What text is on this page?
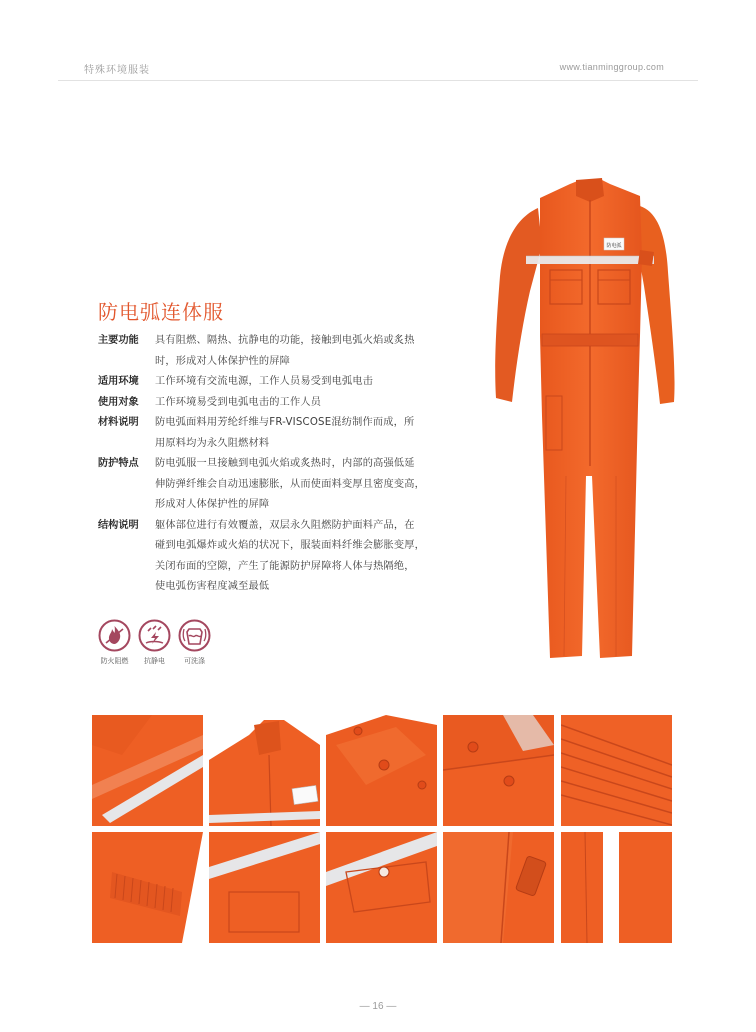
特殊环境服装	www.tianminggroup.com
防电弧
防电弧连体服
主要功能	具有阻燃、隔热、抗静电的功能，接触到电弧火焰或炙热
时，形成对人体保护性的屏障
适用环境	工作环境有交流电源，工作人员易受到电弧电击
使用对象	工作环境易受到电弧电击的工作人员
材料说明	防电弧面料用芳纶纤维与FR-VISCOSE混纺制作而成，所
用原料均为永久阻燃材料
防护特点	防电弧服一旦接触到电弧火焰或炙热时，内部的高强低延
伸防弹纤维会自动迅速膨胀，从而使面料变厚且密度变高，
形成对人体保护性的屏障
结构说明	躯体部位进行有效覆盖，双层永久阻燃防护面料产品，在
碰到电弧爆炸或火焰的状况下，服装面料纤维会膨胀变厚，
关闭布面的空隙，产生了能源防护屏障将人体与热隔绝，
使电弧伤害程度减至最低
防火阻燃 抗静电	可洗涤
— 16 —
